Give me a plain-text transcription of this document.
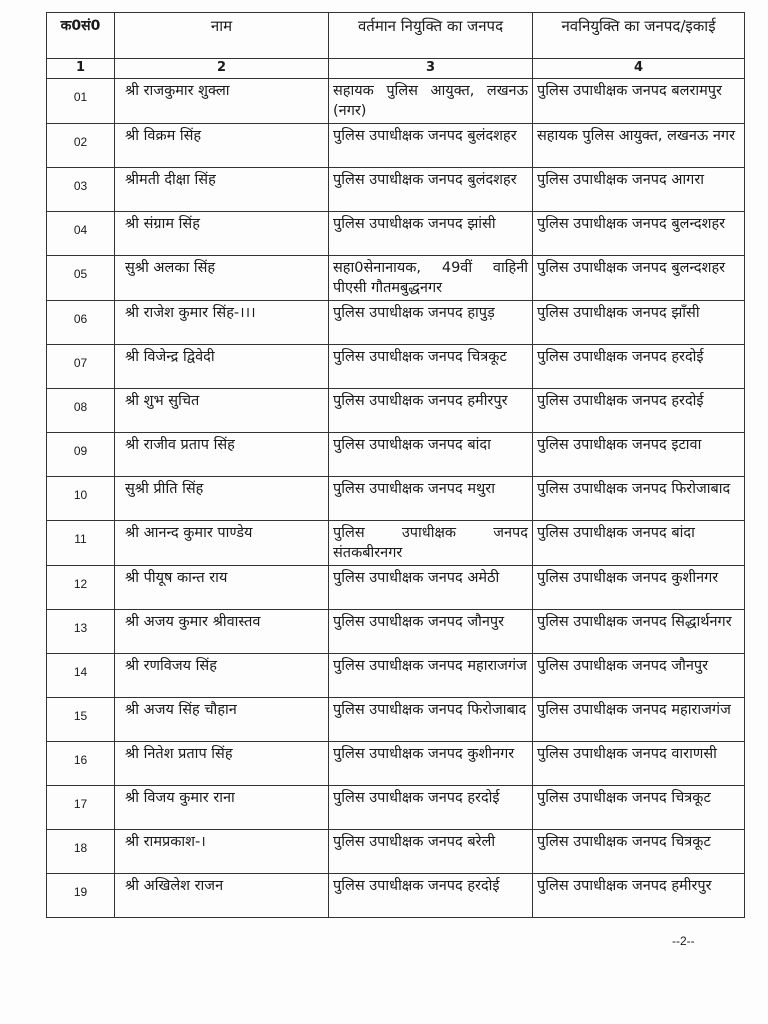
क0सं0	नाम	वर्तमान नियुक्ति का जनपद	नवनियुक्ति का जनपद/इकाई
1	2	3	4
01	श्री राजकुमार शुक्ला	सहायक पुलिस आयुक्त, लखनऊ (नगर)	पुलिस उपाधीक्षक जनपद बलरामपुर

02	श्री विक्रम सिंह	पुलिस उपाधीक्षक जनपद बुलंदशहर	सहायक पुलिस आयुक्त, लखनऊ नगर

03	श्रीमती दीक्षा सिंह	पुलिस उपाधीक्षक जनपद बुलंदशहर	पुलिस उपाधीक्षक जनपद आगरा

04	श्री संग्राम सिंह	पुलिस उपाधीक्षक जनपद झांसी	पुलिस उपाधीक्षक जनपद बुलन्दशहर

05	सुश्री अलका सिंह	सहा0सेनानायक, 49वीं वाहिनी पीएसी गौतमबुद्धनगर	पुलिस उपाधीक्षक जनपद बुलन्दशहर

06	श्री राजेश कुमार सिंह-।।।	पुलिस उपाधीक्षक जनपद हापुड़	पुलिस उपाधीक्षक जनपद झाँसी

07	श्री विजेन्द्र द्विवेदी	पुलिस उपाधीक्षक जनपद चित्रकूट	पुलिस उपाधीक्षक जनपद हरदोई

08	श्री शुभ सुचित	पुलिस उपाधीक्षक जनपद हमीरपुर	पुलिस उपाधीक्षक जनपद हरदोई

09	श्री राजीव प्रताप सिंह	पुलिस उपाधीक्षक जनपद बांदा	पुलिस उपाधीक्षक जनपद इटावा

10	सुश्री प्रीति सिंह	पुलिस उपाधीक्षक जनपद मथुरा	पुलिस उपाधीक्षक जनपद फिरोजाबाद

11	श्री आनन्द कुमार पाण्डेय	पुलिस उपाधीक्षक जनपद संतकबीरनगर	पुलिस उपाधीक्षक जनपद बांदा

12	श्री पीयूष कान्त राय	पुलिस उपाधीक्षक जनपद अमेठी	पुलिस उपाधीक्षक जनपद कुशीनगर

13	श्री अजय कुमार श्रीवास्तव	पुलिस उपाधीक्षक जनपद जौनपुर	पुलिस उपाधीक्षक जनपद सिद्धार्थनगर

14	श्री रणविजय सिंह	पुलिस उपाधीक्षक जनपद महाराजगंज	पुलिस उपाधीक्षक जनपद जौनपुर

15	श्री अजय सिंह चौहान	पुलिस उपाधीक्षक जनपद फिरोजाबाद	पुलिस उपाधीक्षक जनपद महाराजगंज

16	श्री नितेश प्रताप सिंह	पुलिस उपाधीक्षक जनपद कुशीनगर	पुलिस उपाधीक्षक जनपद वाराणसी

17	श्री विजय कुमार राना	पुलिस उपाधीक्षक जनपद हरदोई	पुलिस उपाधीक्षक जनपद चित्रकूट

18	श्री रामप्रकाश-।	पुलिस उपाधीक्षक जनपद बरेली	पुलिस उपाधीक्षक जनपद चित्रकूट

19	श्री अखिलेश राजन	पुलिस उपाधीक्षक जनपद हरदोई	पुलिस उपाधीक्षक जनपद हमीरपुर
--2--
